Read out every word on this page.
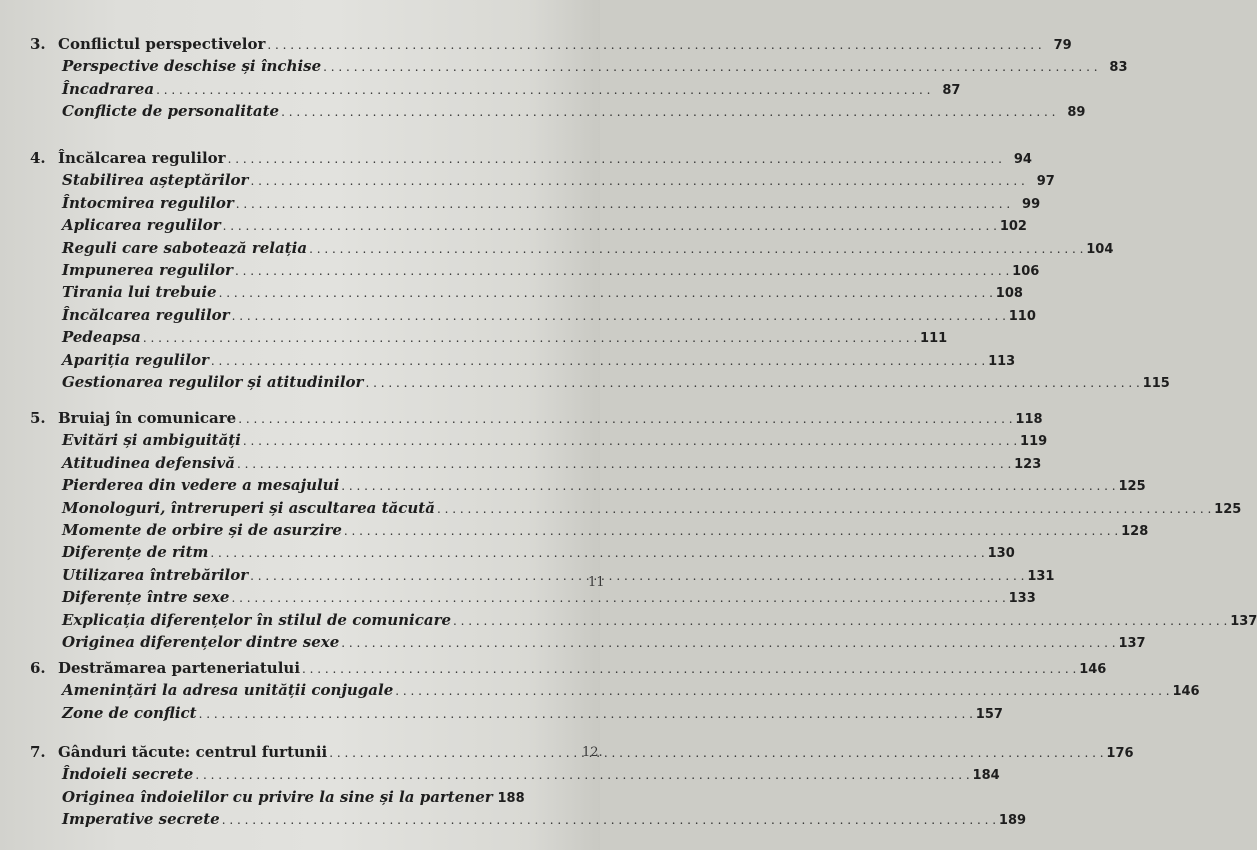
3. Conflictul perspectivelor . . .	79
Perspective deschise și închise . . .	83
Încadrarea . . .	87
Conflicte de personalitate . . .	89
4. Încălcarea regulilor . . .	94
Stabilirea așteptărilor . . .	97
Întocmirea regulilor . . .	99
Aplicarea regulilor . . .	102
Reguli care sabotează relația . . .	104
Impunerea regulilor . . .	106
Tirania lui trebuie . . .	108
Încălcarea regulilor . . .	110
Pedeapsa . . .	111
Apariția regulilor . . .	113
Gestionarea regulilor și atitudinilor . . .	115
5. Bruiaj în comunicare . . .	118
Evitări și ambiguități . . .	119
Atitudinea defensivă . . .	123
Pierderea din vedere a mesajului . . .	125
Monologuri, întreruperi și ascultarea tăcută . . .	125
Momente de orbire și de asurzire . . .	128
Diferențe de ritm . . .	130
Utilizarea întrebărilor . . .	131
Diferențe între sexe . . .	133
Explicația diferențelor în stilul de comunicare . . .	137
Originea diferențelor dintre sexe . . .	137
6. Destrămarea parteneriatului . . .	146
Amenințări la adresa unității conjugale . . .	146
Zone de conflict . . .	157
7. Gânduri tăcute: centrul furtunii . . .	176
Îndoieli secrete . . .	184
Originea îndoielilor cu privire la sine și la partener 188
Imperative secrete . . .	189
11
12.
